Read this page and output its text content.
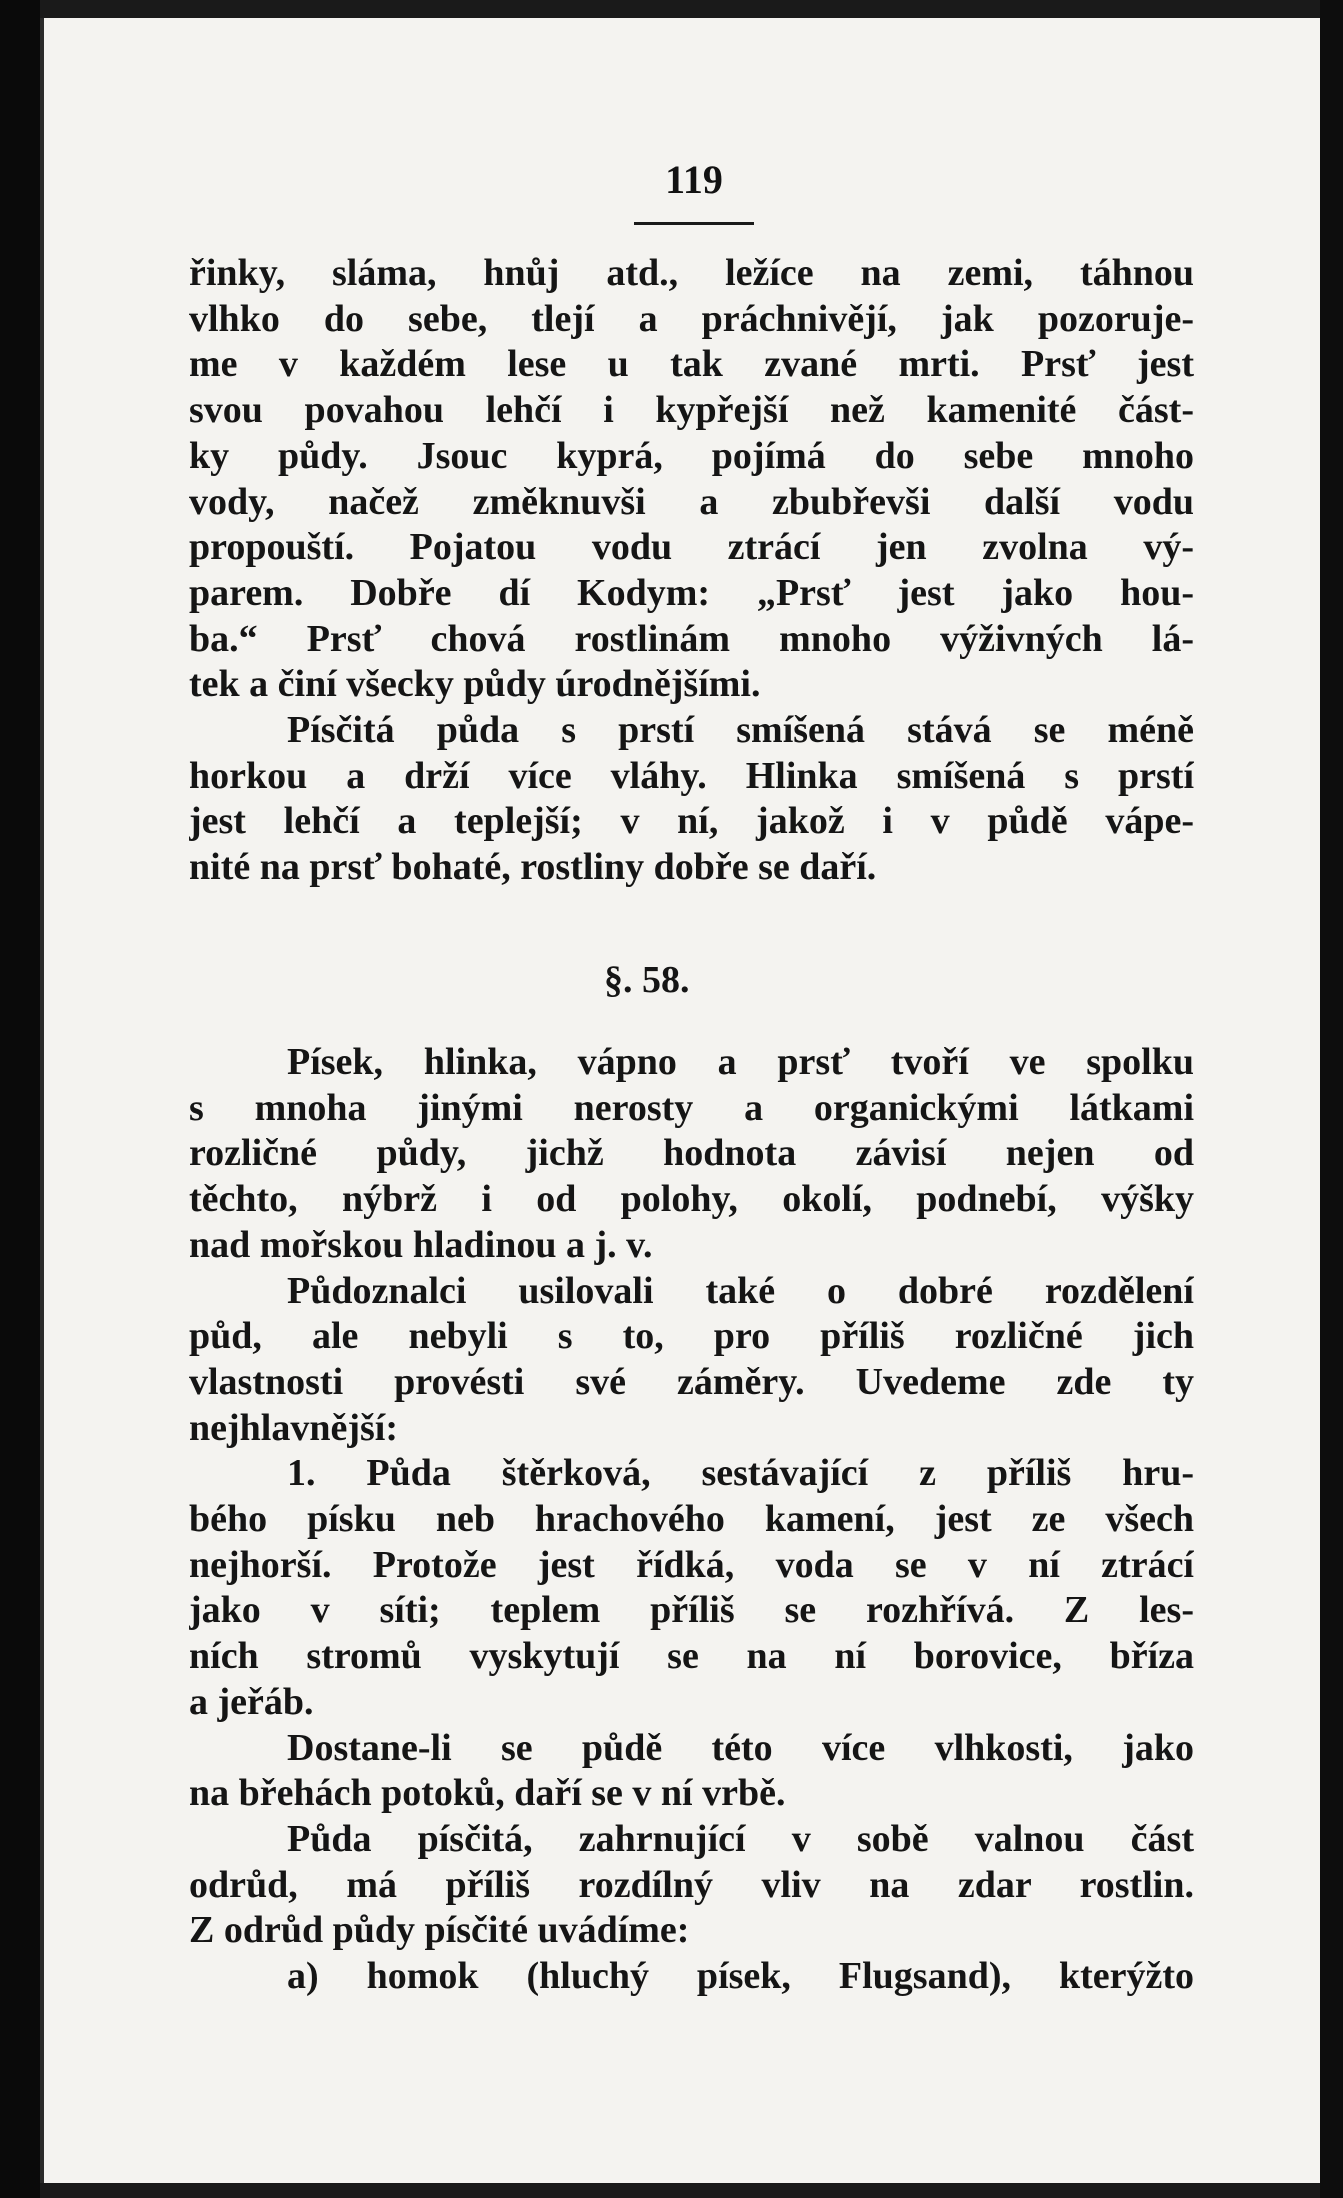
119
řinky, sláma, hnůj atd., ležíce na zemi, táhnou
vlhko do sebe, tlejí a práchnivějí, jak pozoruje-
me v každém lese u tak zvané mrti. Prsť jest
svou povahou lehčí i kypřejší než kamenité část-
ky půdy. Jsouc kyprá, pojímá do sebe mnoho
vody, načež změknuvši a zbubřevši další vodu
propouští. Pojatou vodu ztrácí jen zvolna vý-
parem. Dobře dí Kodym: „Prsť jest jako hou-
ba.“ Prsť chová rostlinám mnoho výživných lá-
tek a činí všecky půdy úrodnějšími.
Písčitá půda s prstí smíšená stává se méně
horkou a drží více vláhy. Hlinka smíšená s prstí
jest lehčí a teplejší; v ní, jakož i v půdě vápe-
nité na prsť bohaté, rostliny dobře se daří.
§. 58.
Písek, hlinka, vápno a prsť tvoří ve spolku
s mnoha jinými nerosty a organickými látkami
rozličné půdy, jichž hodnota závisí nejen od
těchto, nýbrž i od polohy, okolí, podnebí, výšky
nad mořskou hladinou a j. v.
Půdoznalci usilovali také o dobré rozdělení
půd, ale nebyli s to, pro příliš rozličné jich
vlastnosti provésti své záměry. Uvedeme zde ty
nejhlavnější:
1. Půda štěrková, sestávající z příliš hru-
bého písku neb hrachového kamení, jest ze všech
nejhorší. Protože jest řídká, voda se v ní ztrácí
jako v síti; teplem příliš se rozhřívá. Z les-
ních stromů vyskytují se na ní borovice, bříza
a jeřáb.
Dostane-li se půdě této více vlhkosti, jako
na břehách potoků, daří se v ní vrbě.
Půda písčitá, zahrnující v sobě valnou část
odrůd, má příliš rozdílný vliv na zdar rostlin.
Z odrůd půdy písčité uvádíme:
a) homok (hluchý písek, Flugsand), kterýžto
